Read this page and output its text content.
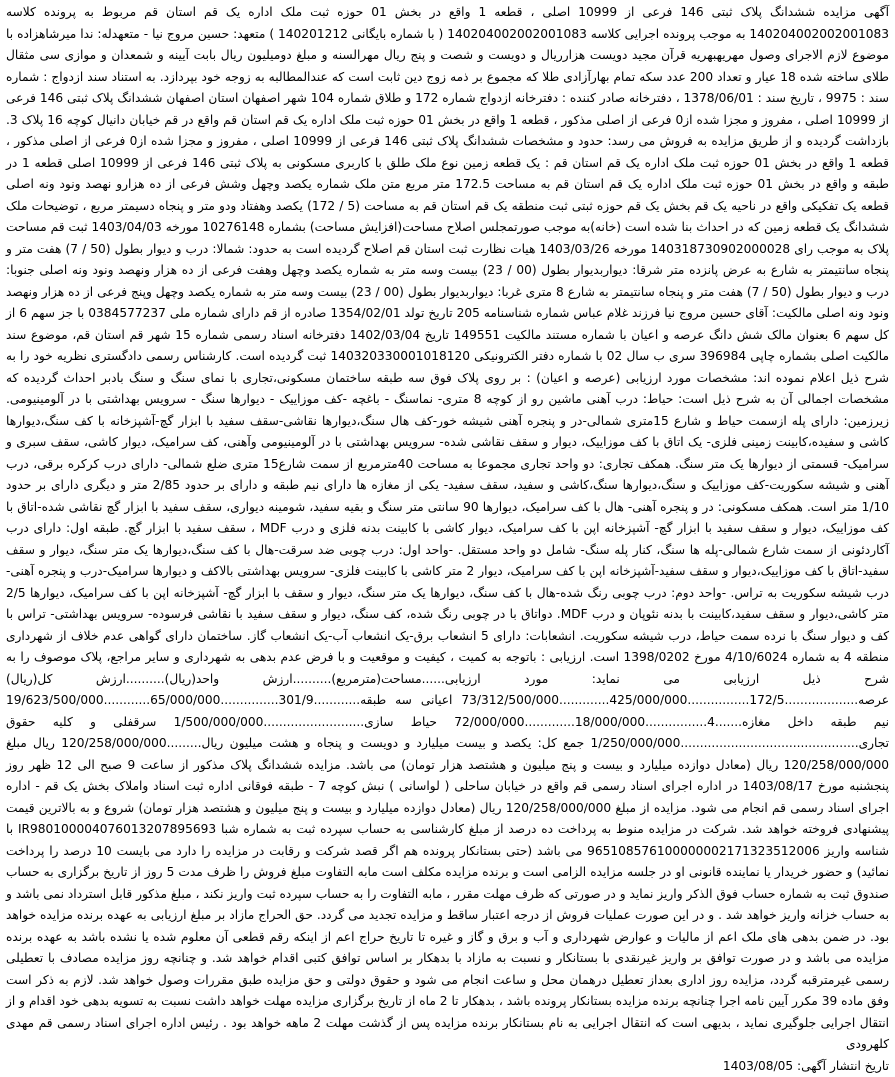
آگهی مزایده ششدانگ پلاک ثبتی 146 فرعی از 10999 اصلی ، قطعه 1 واقع در بخش 01 حوزه ثبت ملک اداره یک قم استان قم مربوط به پرونده کلاسه 140204002002001083 به موجب پرونده اجرایی کلاسه 140204002002001083 ( با شماره بایگانی 140201212 ) متعهد: حسین مروج نیا - متعهدله: ندا میرشاهزاده با موضوع لازم الاجرای وصول مهریهبهریه قرآن مجید دویست هزارریال و دویست و شصت و پنج ریال مهرالسنه و مبلغ دومیلیون ریال بابت آیینه و شمعدان و موازی سی مثقال طلای ساخته شده 18 عیار و تعداد 200 عدد سکه تمام بهارآزادی طلا که مجموع بر ذمه زوج دین ثابت است که عندالمطالبه به زوجه خود بپردازد. به استناد سند ازدواج : شماره سند : 9975 ، تاریخ سند : 1378/06/01 ، دفترخانه صادر کننده : دفترخانه ازدواج شماره 172 و طلاق شماره 104 شهر اصفهان استان اصفهان ششدانگ پلاک ثبتی 146 فرعی از 10999 اصلی ، مفروز و مجزا شده از0 فرعی از اصلی مذکور ، قطعه 1 واقع در بخش 01 حوزه ثبت ملک اداره یک قم استان قم واقع در قم خیابان دانیال کوچه 16 پلاک 3. بازداشت گردیده و از طریق مزایده به فروش می رسد: حدود و مشخصات ششدانگ پلاک ثبتی 146 فرعی از 10999 اصلی ، مفروز و مجزا شده از0 فرعی از اصلی مذکور ، قطعه 1 واقع در بخش 01 حوزه ثبت ملک اداره یک قم استان قم : یک قطعه زمین نوع ملک طلق با کاربری مسکونی به پلاک ثبتی 146 فرعی از 10999 اصلی قطعه 1 در طبقه و واقع در بخش 01 حوزه ثبت ملک اداره یک قم استان قم به مساحت 172.5 متر مربع متن ملک شماره یکصد وچهل وشش فرعی از ده هزارو نهصد ونود ونه اصلی قطعه یک تفکیکی واقع در ناحیه یک قم بخش یک قم حوزه ثبتی ثبت منطقه یک قم استان قم به مساحت (5 / 172) یکصد وهفتاد ودو متر و پنجاه دسیمتر مربع ، توضیحات ملک ششدانگ یک قطعه زمین که در احداث بنا شده است (خانه)به موجب صورتمجلس اصلاح مساحت(افزایش مساحت) بشماره 10276148 مورخه 1403/04/03 ثبت قم مساحت پلاک به موجب رای 140318730902000028 مورخه 1403/03/26 هیات نظارت ثبت استان قم اصلاح گردیده است به حدود: شمالا: درب و دیوار بطول (50 / 7) هفت متر و پنجاه سانتیمتر به شارع به عرض پانزده متر شرقا: دیواربدیوار بطول (00 / 23) بیست وسه متر به شماره یکصد وچهل وهفت فرعی از ده هزار ونهصد ونود ونه اصلی جنوبا: درب و دیوار بطول (50 / 7) هفت متر و پنجاه سانتیمتر به شارع 8 متری غربا: دیواربدیوار بطول (00 / 23) بیست وسه متر به شماره یکصد وچهل وپنج فرعی از ده هزار ونهصد ونود ونه اصلی مالکیت: آقای حسین مروج نیا فرزند غلام عباس شماره شناسنامه 205 تاریخ تولد 1354/02/01 صادره از قم دارای شماره ملی 0384577237 با جز سهم 6 از کل سهم 6 بعنوان مالک شش دانگ عرصه و اعیان با شماره مستند مالکیت 149551 تاریخ 1402/03/04 دفترخانه اسناد رسمی شماره 15 شهر قم استان قم، موضوع سند مالکیت اصلی بشماره چاپی 396984 سری ب سال 02 با شماره دفتر الکترونیکی 140320330001018120 ثبت گردیده است. کارشناس رسمی دادگستری نظریه خود را به شرح ذیل اعلام نموده اند: مشخصات مورد ارزیابی (عرصه و اعیان) : بر روی پلاک فوق سه طبقه ساختمان مسکونی،تجاری با نمای سنگ و سنگ بادبر احداث گردیده که مشخصات اجمالی آن به شرح ذیل است: حیاط: درب آهنی ماشین رو از کوچه 8 متری- نماسنگ - باغچه -کف موزاییک - دیوارها سنگ - سرویس بهداشتی با در آلومینیومی. زیرزمین: دارای پله ازسمت حیاط و شارع 15متری شمالی-در و پنجره آهنی شیشه خور-کف هال سنگ،دیوارها نقاشی-سقف سفید با ابزار گچ-آشپزخانه با کف سنگ،دیوارها کاشی و سفیده،کابینت زمینی فلزی- یک اتاق با کف موزاییک، دیوار و سقف نقاشی شده- سرویس بهداشتی با در آلومینیومی وآهنی، کف سرامیک، دیوار کاشی، سقف سبری و سرامیک- قسمتی از دیوارها یک متر سنگ. همکف تجاری: دو واحد تجاری مجموعا به مساحت 40مترمربع از سمت شارع15 متری ضلع شمالی- دارای درب کرکره برقی، درب آهنی و شیشه سکوریت-کف موزاییک و سنگ،دیوارها سنگ،کاشی و سفید، سقف سفید- یکی از مغازه ها دارای نیم طبقه و دارای بر حدود 2/85 متر و دیگری دارای بر حدود 1/10 متر است. همکف مسکونی: در و پنجره آهنی- هال با کف سرامیک، دیوارها 90 سانتی متر سنگ و بقیه سفید، شومینه دیواری، سقف سفید با ابزار گچ نقاشی شده-اتاق با کف موزاییک، دیوار و سقف سفید با ابزار گچ- آشپزخانه اپن با کف سرامیک، دیوار کاشی با کابینت بدنه فلزی و درب MDF ، سقف سفید با ابزار گچ. طبقه اول: دارای درب آکاردئونی از سمت شارع شمالی-پله ها سنگ، کنار پله سنگ- شامل دو واحد مستقل. -واحد اول: درب چوبی ضد سرقت-هال با کف سنگ،دیوارها یک متر سنگ، دیوار و سقف سفید-اتاق با کف موزاییک،دیوار و سقف سفید-آشپزخانه اپن با کف سرامیک، دیوار 2 متر کاشی با کابینت فلزی- سرویس بهداشتی بالاکف و دیوارها سرامیک-درب و پنجره آهنی- درب شیشه سکوریت به تراس. -واحد دوم: درب چوبی رنگ شده-هال با کف سنگ، دیوارها یک متر سنگ، دیوار و سقف با ابزار گچ- آشپزخانه اپن با کف سرامیک، دیوارها 2/5 متر کاشی،دیوار و سقف سفید،کابینت با بدنه نئوپان و درب MDF. دواتاق با در چوبی رنگ شده، کف سنگ، دیوار و سقف سفید با نقاشی فرسوده- سرویس بهداشتی- تراس با کف و دیوار سنگ با نرده سمت حیاط، درب شیشه سکوریت. انشعابات: دارای 5 انشعاب برق-یک انشعاب آب-یک انشعاب گاز. ساختمان دارای گواهی عدم خلاف از شهرداری منطقه 4 به شماره 4/10/6024 مورخ 1398/0202 است. ارزیابی : باتوجه به کمیت ، کیفیت و موقعیت و با فرض عدم بدهی به شهرداری و سایر مراجع، پلاک موصوف را به شرح ذیل ارزیابی می نماید: مورد ارزیابی......مساحت(مترمربع)..........ارزش واحد(ریال)..........ارزش کل(ریال) عرصه...................172/5................425/000/000.............73/312/500/000 اعیانی سه طبقه............301/9...............65/000/000............19/623/500/000 نیم طبقه داخل مغازه.......4................18/000/000.............72/000/000 حیاط سازی..........................1/500/000/000 سرقفلی و کلیه حقوق تجاری..............................................1/250/000/000 جمع کل: یکصد و بیست میلیارد و دویست و پنجاه و هشت میلیون ریال.........120/258/000/000 ریال مبلغ 120/258/000/000 ریال (معادل دوازده میلیارد و بیست و پنج میلیون و هشتصد هزار تومان) می باشد. مزایده ششدانگ پلاک مذکور از ساعت 9 صبح الی 12 ظهر روز پنجشنبه مورخ 1403/08/17 در اداره اجرای اسناد رسمی قم واقع در خیابان ساحلی ( لواسانی ) نبش کوچه 7 - طبقه فوقانی اداره ثبت اسناد واملاک بخش یک قم - اداره اجرای اسناد رسمی قم انجام می شود. مزایده از مبلغ 120/258/000/000 ریال (معادل دوازده میلیارد و بیست و پنج میلیون و هشتصد هزار تومان) شروع و به بالاترین قیمت پیشنهادی فروخته خواهد شد. شرکت در مزایده منوط به پرداخت ده درصد از مبلغ کارشناسی به حساب سپرده ثبت به شماره شبا IR980100004076013207895693 با شناسه واریز 965108576100000002171323512006 می باشد (حتی بستانکار پرونده هم اگر قصد شرکت و رقابت در مزایده را دارد می بایست 10 درصد را پرداخت نمائید) و حضور خریدار یا نماینده قانونی او در جلسه مزایده الزامی است و برنده مزایده مکلف است مابه التفاوت مبلغ فروش را ظرف مدت 5 روز از تاریخ برگزاری به حساب صندوق ثبت به شماره حساب فوق الذکر واریز نماید و در صورتی که ظرف مهلت مقرر ، مابه التفاوت را به حساب سپرده ثبت واریز نکند ، مبلغ مذکور قابل استرداد نمی باشد و به حساب خزانه واریز خواهد شد . و در این صورت عملیات فروش از درجه اعتبار ساقط و مزایده تجدید می گردد. حق الحراج مازاد بر مبلغ ارزیابی به عهده برنده مزایده خواهد بود. در ضمن بدهی های ملک اعم از مالیات و عوارض شهرداری و آب و برق و گاز و غیره تا تاریخ حراج اعم از اینکه رقم قطعی آن معلوم شده یا نشده باشد به عهده برنده مزایده می باشد و در صورت توافق بر واریز غیرنقدی با بستانکار و نسبت به مازاد با بدهکار بر اساس توافق کتبی اقدام خواهد شد. و چنانچه روز مزایده مصادف با تعطیلی رسمی غیرمترقبه گردد، مزایده روز اداری بعداز تعطیل درهمان محل و ساعت انجام می شود و حقوق دولتی و حق مزایده طبق مقررات وصول خواهد شد. لازم به ذکر است وفق ماده 39 مکرر آیین نامه اجرا چنانچه برنده مزایده بستانکار پرونده باشد ، بدهکار تا 2 ماه از تاریخ برگزاری مزایده مهلت خواهد داشت نسبت به تسویه بدهی خود اقدام و از انتقال اجرایی جلوگیری نماید ، بدیهی است که انتقال اجرایی به نام بستانکار برنده مزایده پس از گذشت مهلت 2 ماهه خواهد بود . رئیس اداره اجرای اسناد رسمی قم مهدی کلهرودی

تاریخ انتشار آگهی: 1403/08/05
